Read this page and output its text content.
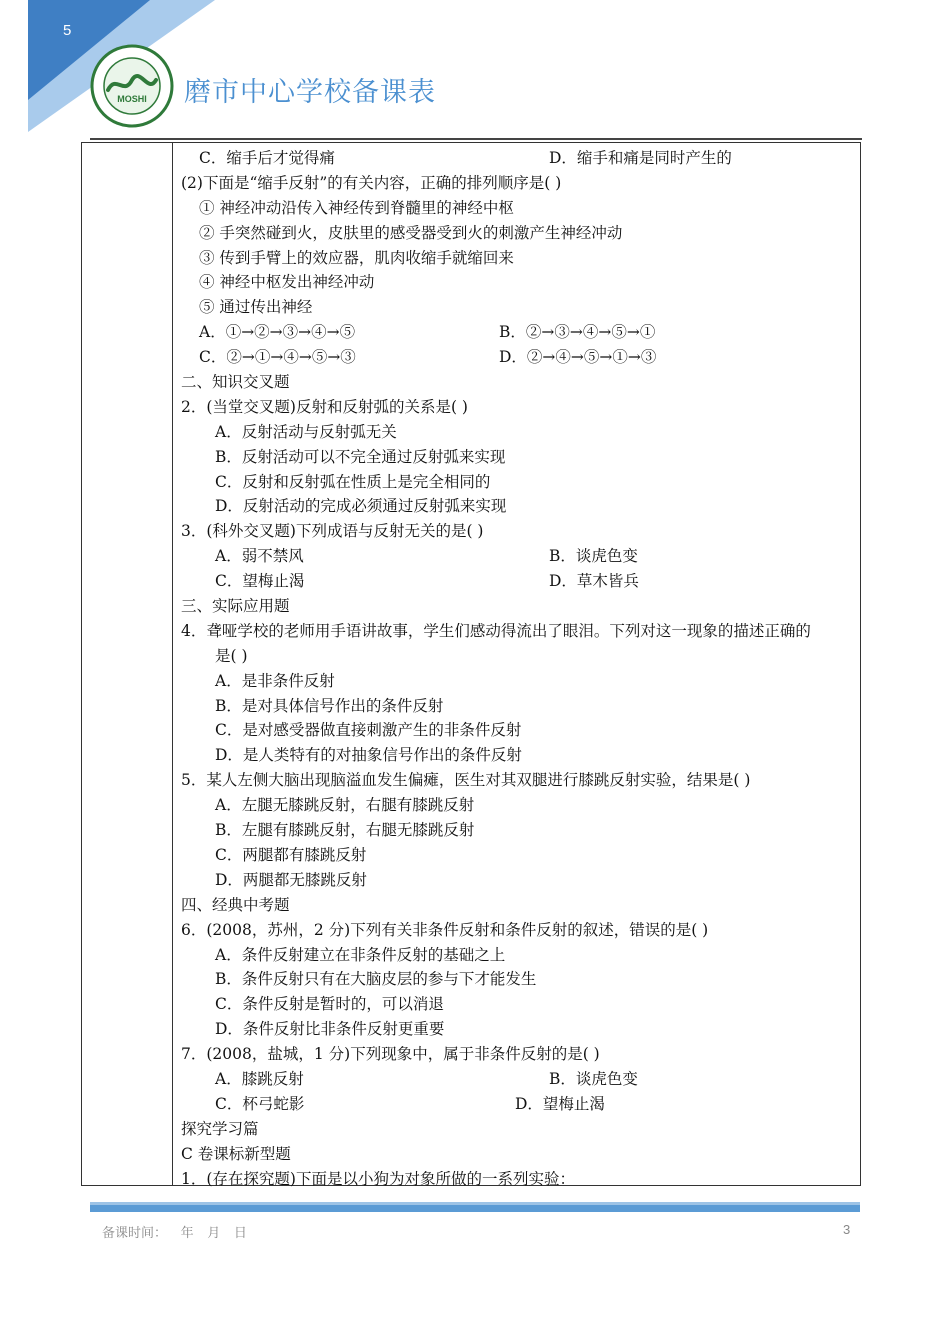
5
MOSHI 磨市中心学校备课表
C．缩手后才觉得痛	D．缩手和痛是同时产生的
(2)下面是“缩手反射”的有关内容，正确的排列顺序是( )
① 神经冲动沿传入神经传到脊髓里的神经中枢
② 手突然碰到火，皮肤里的感受器受到火的刺激产生神经冲动
③ 传到手臂上的效应器，肌肉收缩手就缩回来
④ 神经中枢发出神经冲动
⑤ 通过传出神经
A．①→②→③→④→⑤	B．②→③→④→⑤→①
C．②→①→④→⑤→③	D．②→④→⑤→①→③
二、知识交叉题
2．(当堂交叉题)反射和反射弧的关系是( )
A．反射活动与反射弧无关
B．反射活动可以不完全通过反射弧来实现
C．反射和反射弧在性质上是完全相同的
D．反射活动的完成必须通过反射弧来实现
3．(科外交叉题)下列成语与反射无关的是( )
A．弱不禁风	B．谈虎色变
C．望梅止渴	D．草木皆兵
三、实际应用题
4．聋哑学校的老师用手语讲故事，学生们感动得流出了眼泪。下列对这一现象的描述正确的
是( )
A．是非条件反射
B．是对具体信号作出的条件反射
C．是对感受器做直接刺激产生的非条件反射
D．是人类特有的对抽象信号作出的条件反射
5．某人左侧大脑出现脑溢血发生偏瘫，医生对其双腿进行膝跳反射实验，结果是( )
A．左腿无膝跳反射，右腿有膝跳反射
B．左腿有膝跳反射，右腿无膝跳反射
C．两腿都有膝跳反射
D．两腿都无膝跳反射
四、经典中考题
6．(2008，苏州，2 分)下列有关非条件反射和条件反射的叙述，错误的是( )
A．条件反射建立在非条件反射的基础之上
B．条件反射只有在大脑皮层的参与下才能发生
C．条件反射是暂时的，可以消退
D．条件反射比非条件反射更重要
7．(2008，盐城，1 分)下列现象中，属于非条件反射的是( )
A．膝跳反射	B．谈虎色变
C．杯弓蛇影	D．望梅止渴
探究学习篇
C 卷课标新型题
1．(存在探究题)下面是以小狗为对象所做的一系列实验：
备课时间： 年 月 日	3
